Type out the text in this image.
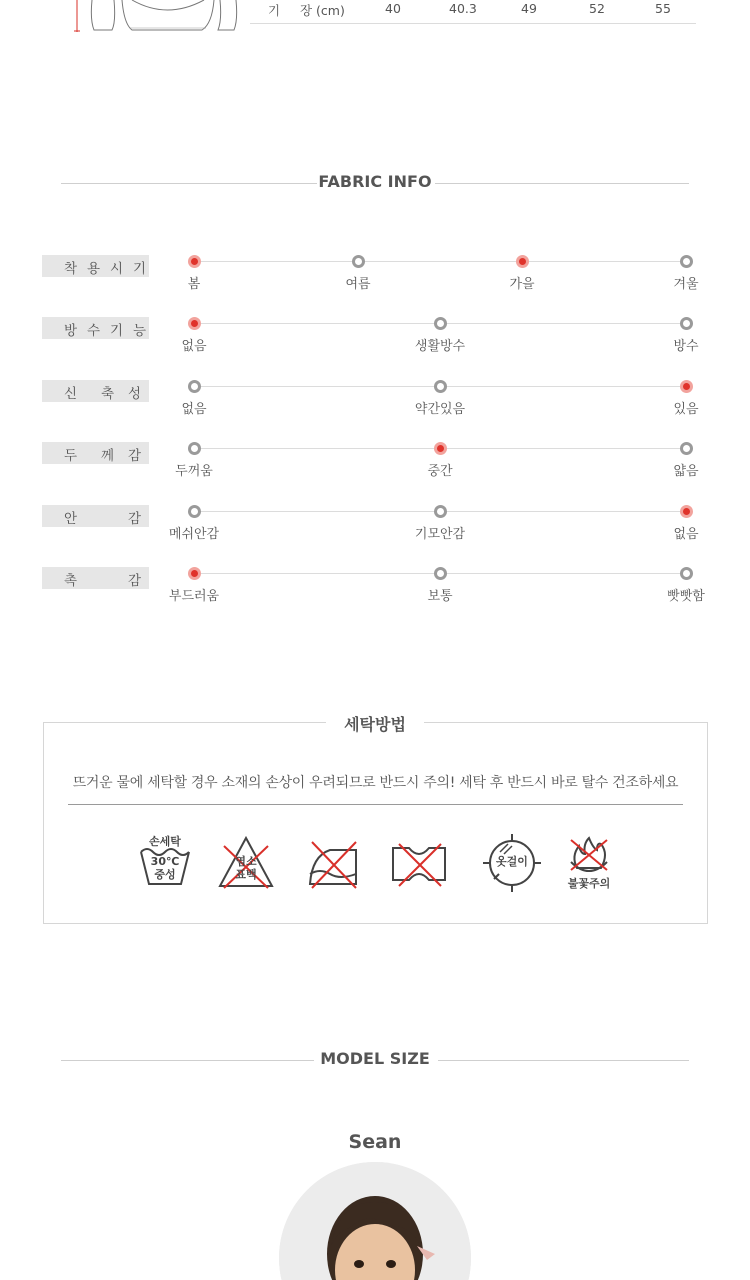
기 장 (cm)	40	40.3	49	52	55
FABRIC INFO
착 용 시 기
봄	여름	가을	겨울
방 수 기 능
없음	생활방수	방수
신 축 성
없음	약간있음	있음
두 께 감
두꺼움	중간	얇음
안	감
메쉬안감	기모안감	없음
촉	감
부드러움	보통	빳빳함
세탁방법
뜨거운 물에 세탁할 경우 소재의 손상이 우려되므로 반드시 주의! 세탁 후 반드시 바로 탈수 건조하세요
손세탁
30℃
중성
염소
표백
옷걸이
불꽃주의
MODEL SIZE
Sean
